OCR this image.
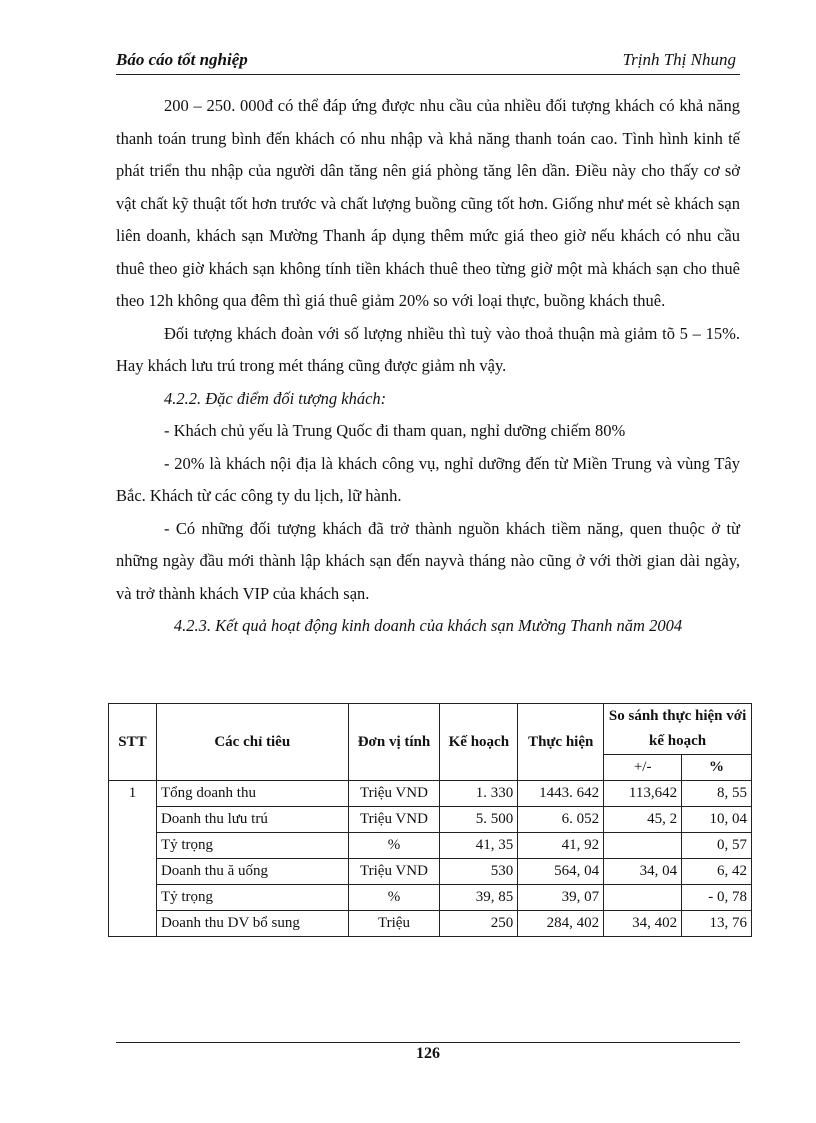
Báo cáo tốt nghiệp	Trịnh Thị Nhung

200 – 250. 000đ có thể đáp ứng được nhu cầu của nhiều đối tượng khách có khả năng thanh toán trung bình đến khách có nhu nhập và khả năng thanh toán cao. Tình hình kinh tế phát triển thu nhập của người dân tăng nên giá phòng tăng lên dần. Điều này cho thấy cơ sở vật chất kỹ thuật tốt hơn trước và chất lượng buồng cũng tốt hơn. Giống như mét sè khách sạn liên doanh, khách sạn Mường Thanh áp dụng thêm mức giá theo giờ nếu khách có nhu cầu thuê theo giờ khách sạn không tính tiền khách thuê theo từng giờ một mà khách sạn cho thuê theo 12h không qua đêm thì giá thuê giảm 20% so với loại thực, buồng khách thuê.

Đối tượng khách đoàn với số lượng nhiều thì tuỳ vào thoả thuận mà giảm tõ 5 – 15%. Hay khách lưu trú trong mét tháng cũng được giảm nh vậy.

4.2.2. Đặc điểm đối tượng khách:

- Khách chủ yếu là Trung Quốc đi tham quan, nghỉ dưỡng chiếm 80%

- 20% là khách nội địa là khách công vụ, nghỉ dưỡng đến từ Miền Trung và vùng Tây Bắc. Khách từ các công ty du lịch, lữ hành.

- Có những đối tượng khách đã trở thành nguồn khách tiềm năng, quen thuộc ở từ những ngày đầu mới thành lập khách sạn đến nayvà tháng nào cũng ở với thời gian dài ngày, và trở thành khách VIP của khách sạn.

4.2.3. Kết quả hoạt động kinh doanh của khách sạn Mường Thanh năm 2004

STT	Các chỉ tiêu	Đơn vị tính	Kế hoạch	Thực hiện	So sánh thực hiện với kế hoạch	
					+/-	%
1	Tổng doanh thu	Triệu VND	1. 330	1443. 642	113,642	8, 55
	Doanh thu lưu trú	Triệu VND	5. 500	6. 052	45, 2	10, 04
	Tỷ trọng	%	41, 35	41, 92		0, 57
	Doanh thu ă uống	Triệu VND	530	564, 04	34, 04	6, 42
	Tỷ trọng	%	39, 85	39, 07		- 0, 78
	Doanh thu DV bổ sung	Triệu	250	284, 402	34, 402	13, 76
126
